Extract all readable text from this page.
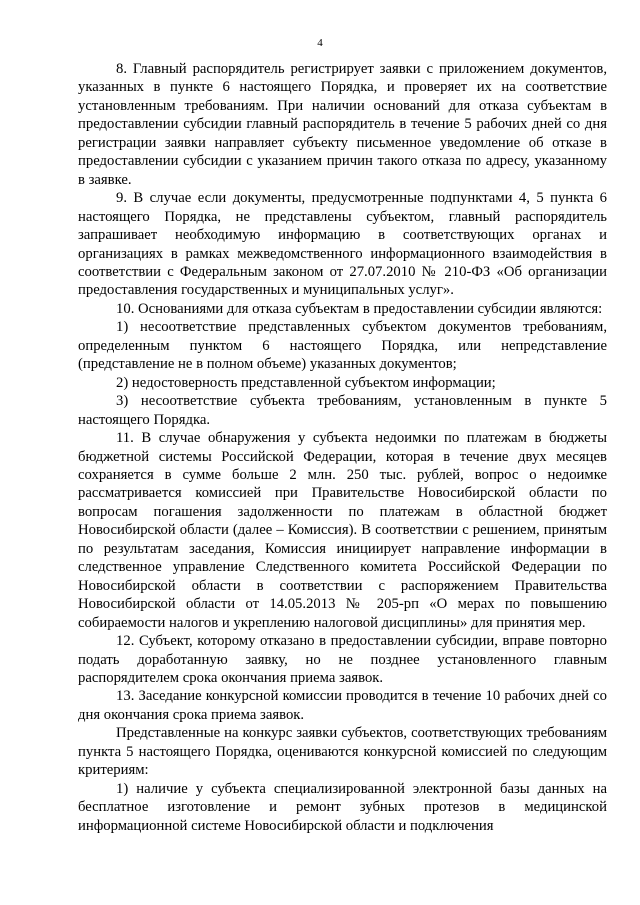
4

8. Главный распорядитель регистрирует заявки с приложением документов, указанных в пункте 6 настоящего Порядка, и проверяет их на соответствие установленным требованиям. При наличии оснований для отказа субъектам в предоставлении субсидии главный распорядитель в течение 5 рабочих дней со дня регистрации заявки направляет субъекту письменное уведомление об отказе в предоставлении субсидии с указанием причин такого отказа по адресу, указанному в заявке.

9. В случае если документы, предусмотренные подпунктами 4, 5 пункта 6 настоящего Порядка, не представлены субъектом, главный распорядитель запрашивает необходимую информацию в соответствующих органах и организациях в рамках межведомственного информационного взаимодействия в соответствии с Федеральным законом от 27.07.2010 № 210-ФЗ «Об организации предоставления государственных и муниципальных услуг».

10. Основаниями для отказа субъектам в предоставлении субсидии являются:

1) несоответствие представленных субъектом документов требованиям, определенным пунктом 6 настоящего Порядка, или непредставление (представление не в полном объеме) указанных документов;

2) недостоверность представленной субъектом информации;

3) несоответствие субъекта требованиям, установленным в пункте 5 настоящего Порядка.

11. В случае обнаружения у субъекта недоимки по платежам в бюджеты бюджетной системы Российской Федерации, которая в течение двух месяцев сохраняется в сумме больше 2 млн. 250 тыс. рублей, вопрос о недоимке рассматривается комиссией при Правительстве Новосибирской области по вопросам погашения задолженности по платежам в областной бюджет Новосибирской области (далее – Комиссия). В соответствии с решением, принятым по результатам заседания, Комиссия инициирует направление информации в следственное управление Следственного комитета Российской Федерации по Новосибирской области в соответствии с распоряжением Правительства Новосибирской области от 14.05.2013 № 205-рп «О мерах по повышению собираемости налогов и укреплению налоговой дисциплины» для принятия мер.

12. Субъект, которому отказано в предоставлении субсидии, вправе повторно подать доработанную заявку, но не позднее установленного главным распорядителем срока окончания приема заявок.

13. Заседание конкурсной комиссии проводится в течение 10 рабочих дней со дня окончания срока приема заявок.

Представленные на конкурс заявки субъектов, соответствующих требованиям пункта 5 настоящего Порядка, оцениваются конкурсной комиссией по следующим критериям:

1) наличие у субъекта специализированной электронной базы данных на бесплатное изготовление и ремонт зубных протезов в медицинской информационной системе Новосибирской области и подключения
